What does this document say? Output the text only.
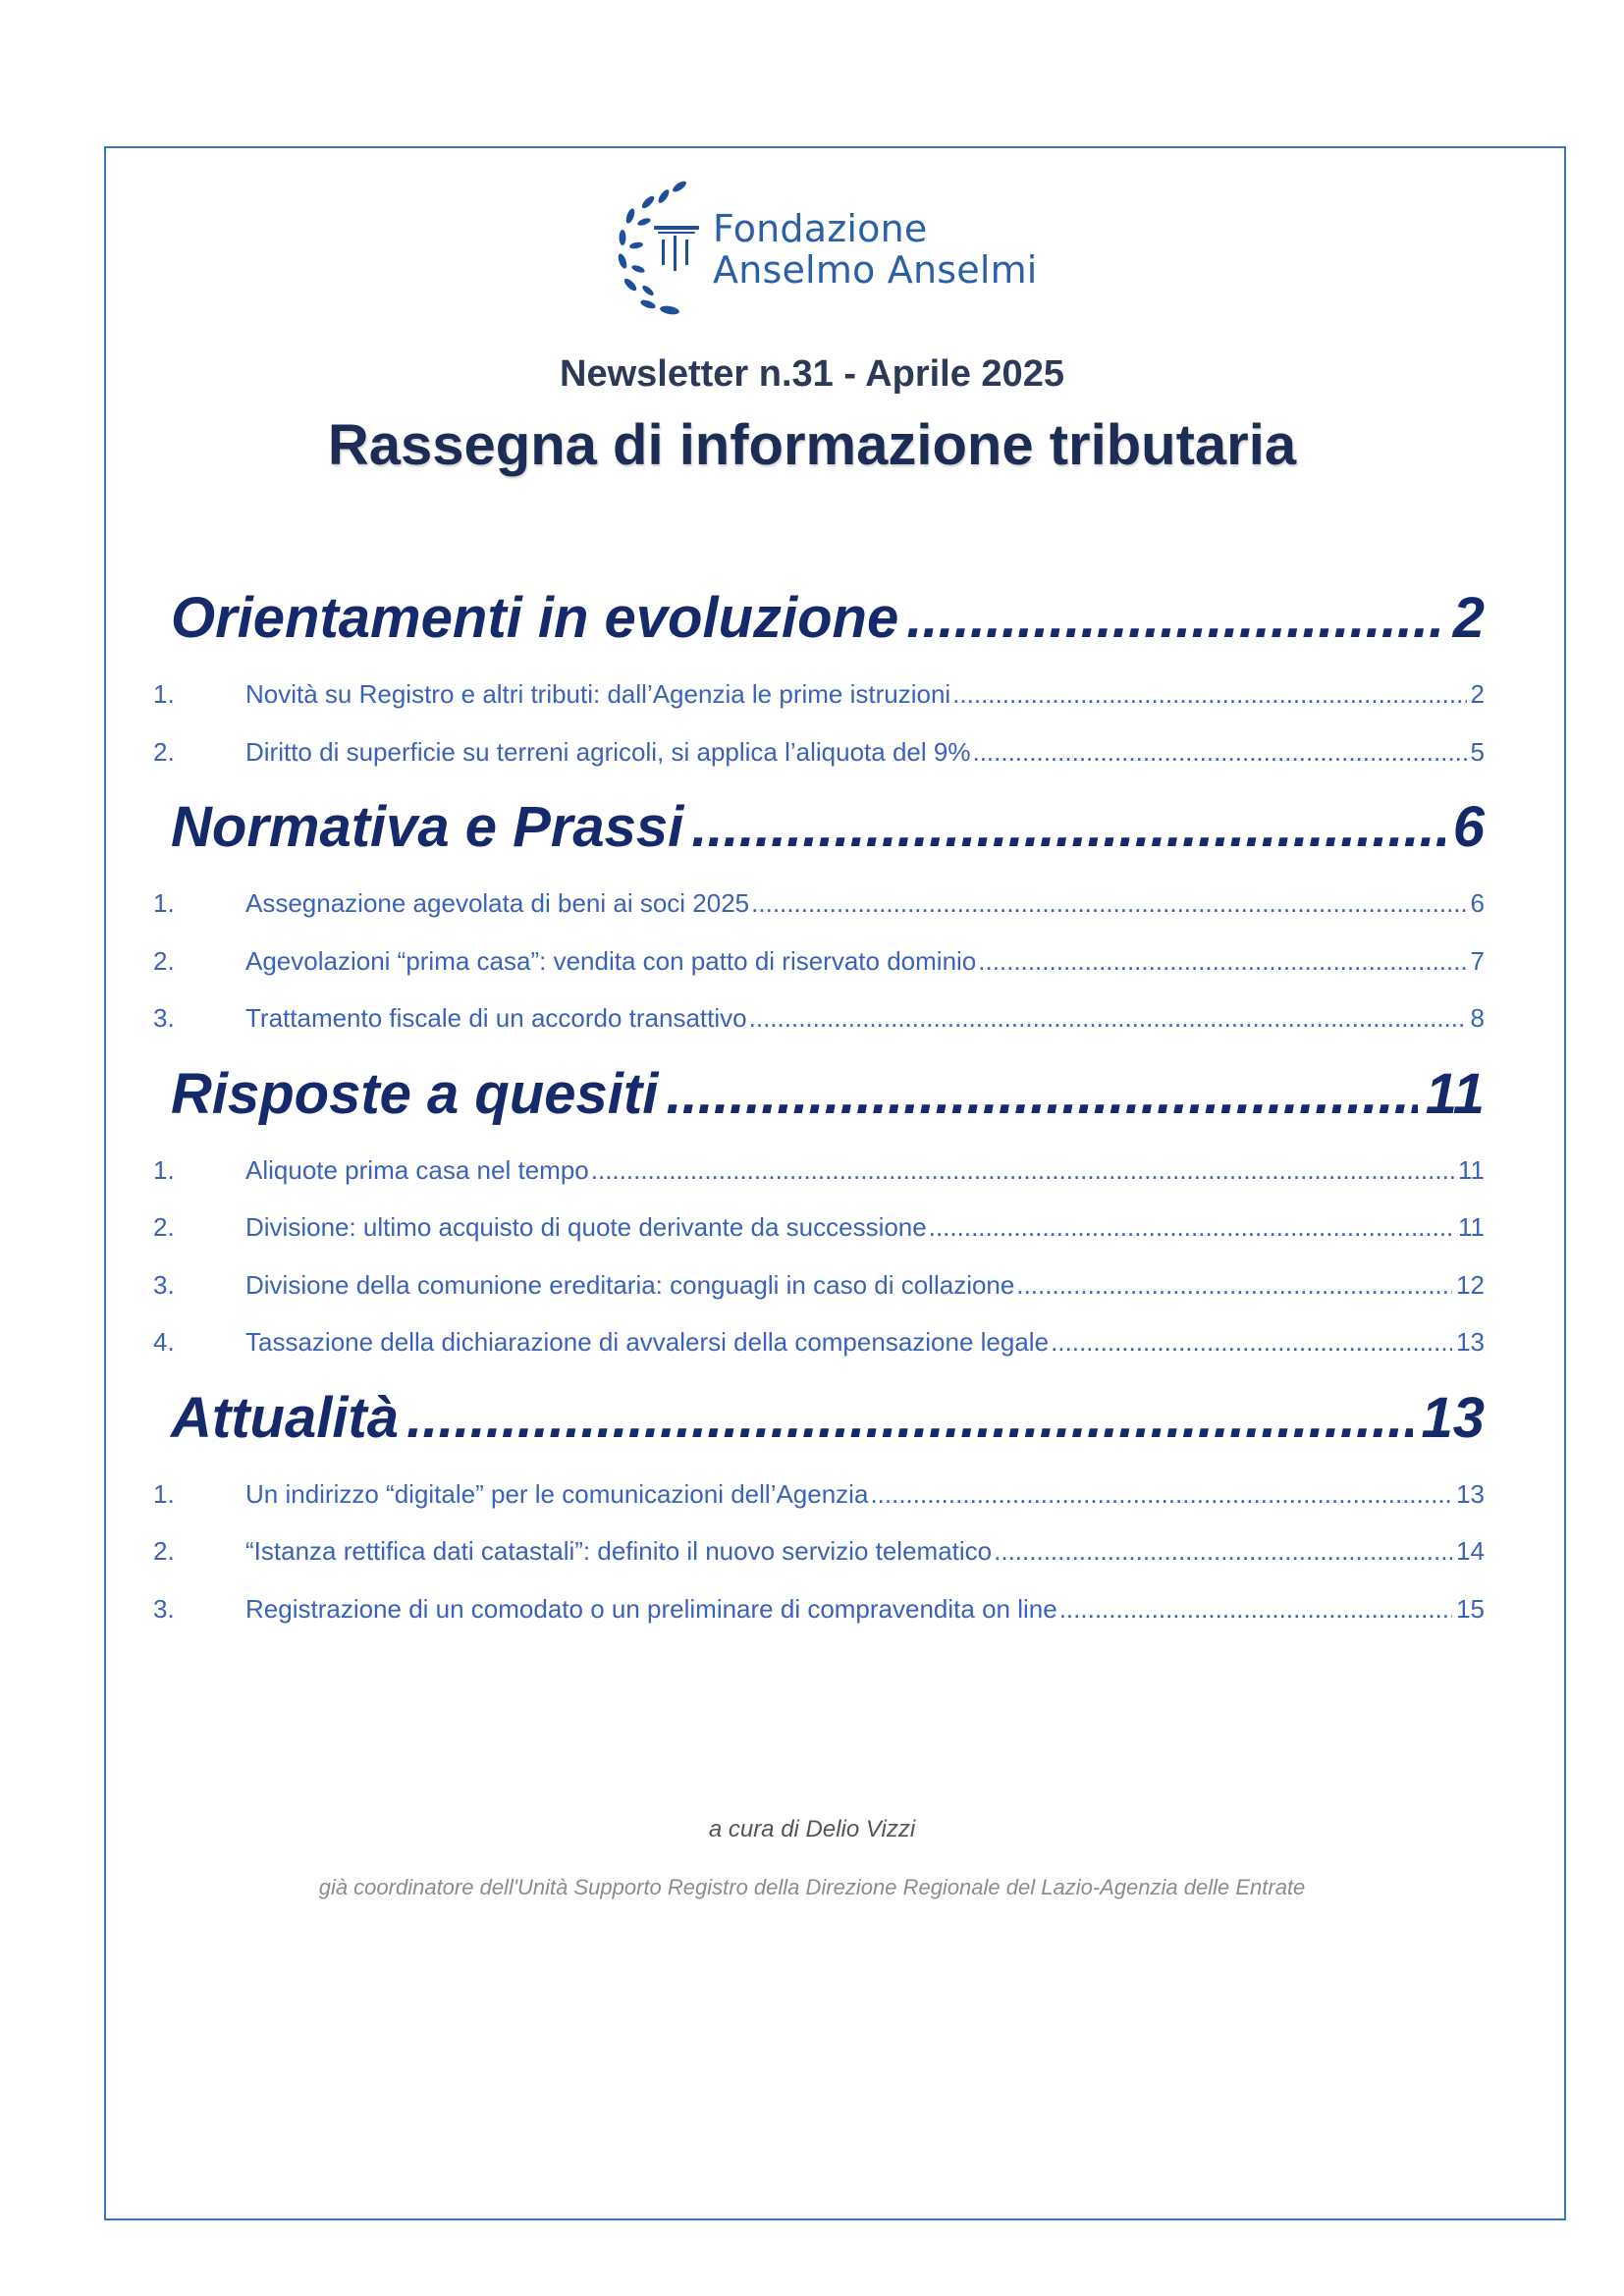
Fondazione
Anselmo Anselmi
Newsletter n.31 - Aprile 2025
Rassegna di informazione tributaria
Orientamenti in evoluzione .....	2
1.	Novità su Registro e altri tributi: dall’Agenzia le prime istruzioni .....	2
2.	Diritto di superficie su terreni agricoli, si applica l’aliquota del 9% .....	5
Normativa e Prassi .....	6
1.	Assegnazione agevolata di beni ai soci 2025 .....	6
2.	Agevolazioni “prima casa”: vendita con patto di riservato dominio .....	7
3.	Trattamento fiscale di un accordo transattivo .....	8
Risposte a quesiti .....	11
1.	Aliquote prima casa nel tempo .....	11
2.	Divisione: ultimo acquisto di quote derivante da successione .....	11
3.	Divisione della comunione ereditaria: conguagli in caso di collazione .....	12
4.	Tassazione della dichiarazione di avvalersi della compensazione legale .....	13
Attualità .....	13
1.	Un indirizzo “digitale” per le comunicazioni dell’Agenzia .....	13
2.	“Istanza rettifica dati catastali”: definito il nuovo servizio telematico .....	14
3.	Registrazione di un comodato o un preliminare di compravendita on line .....	15
a cura di Delio Vizzi
già coordinatore dell'Unità Supporto Registro della Direzione Regionale del Lazio-Agenzia delle Entrate
